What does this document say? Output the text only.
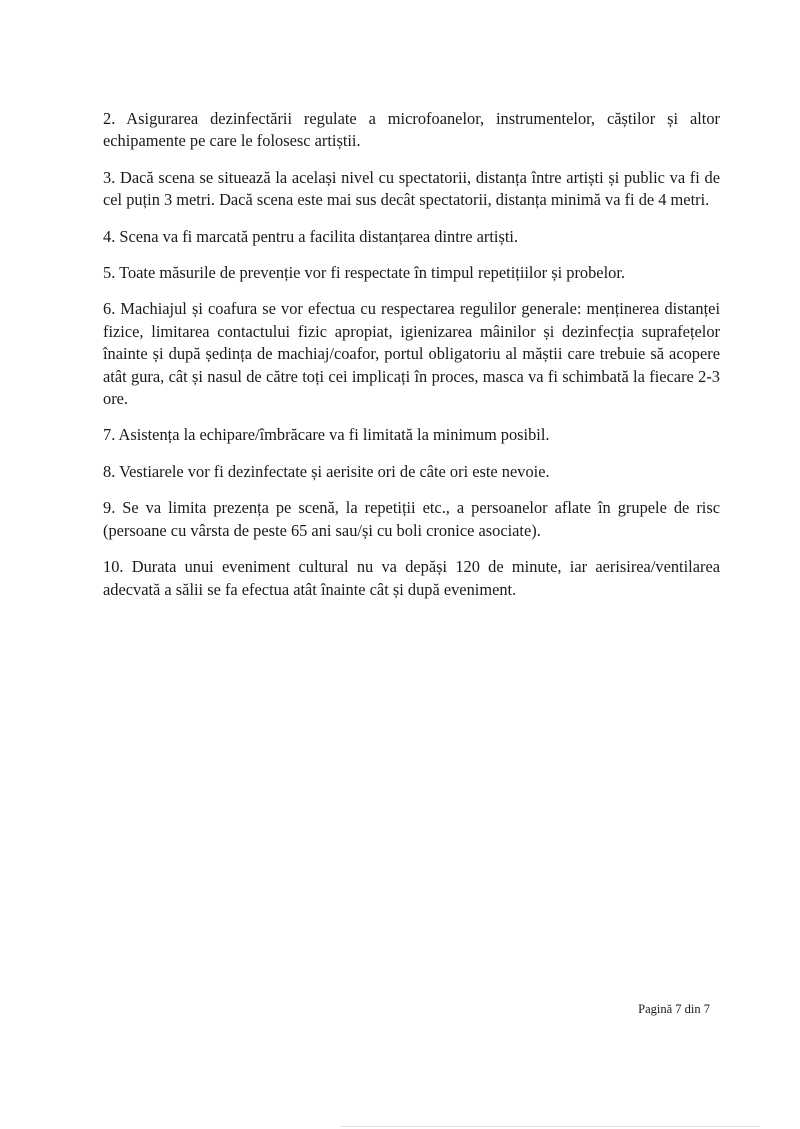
2. Asigurarea dezinfectării regulate a microfoanelor, instrumentelor, căștilor și altor echipamente pe care le folosesc artiștii.

3. Dacă scena se situează la același nivel cu spectatorii, distanța între artiști și public va fi de cel puțin 3 metri. Dacă scena este mai sus decât spectatorii, distanța minimă va fi de 4 metri.

4. Scena va fi marcată pentru a facilita distanțarea dintre artiști.

5. Toate măsurile de prevenție vor fi respectate în timpul repetițiilor și probelor.

6. Machiajul și coafura se vor efectua cu respectarea regulilor generale: menținerea distanței fizice, limitarea contactului fizic apropiat, igienizarea mâinilor și dezinfecția suprafețelor înainte și după ședința de machiaj/coafor, portul obligatoriu al măștii care trebuie să acopere atât gura, cât și nasul de către toți cei implicați în proces, masca va fi schimbată la fiecare 2-3 ore.

7. Asistența la echipare/îmbrăcare va fi limitată la minimum posibil.

8. Vestiarele vor fi dezinfectate și aerisite ori de câte ori este nevoie.

9. Se va limita prezența pe scenă, la repetiții etc., a persoanelor aflate în grupele de risc (persoane cu vârsta de peste 65 ani sau/și cu boli cronice asociate).

10. Durata unui eveniment cultural nu va depăși 120 de minute, iar aerisirea/ventilarea adecvată a sălii se fa efectua atât înainte cât și după eveniment.

Pagină 7 din 7
